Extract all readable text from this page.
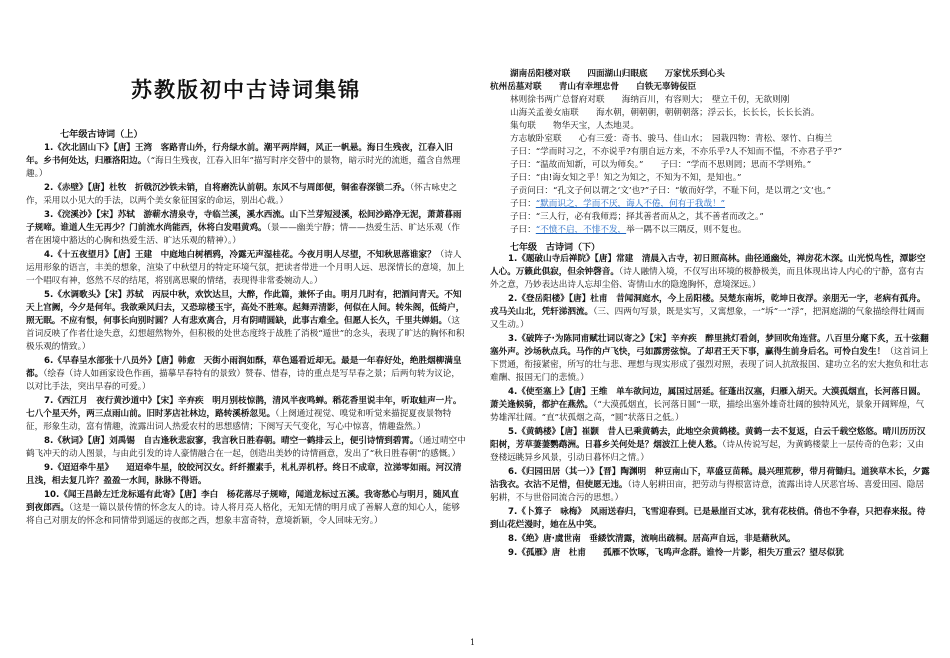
苏教版初中古诗词集锦
七年级古诗词（上）
1.《次北固山下》【唐】王湾　客路青山外，行舟绿水前。潮平两岸阔，风正一帆悬。海日生残夜，江春入旧年。乡书何处达，归雁洛阳边。（“海日生残夜，江春入旧年”描写时序交替中的景物，暗示时光的流逝，蕴含自然理趣。）
2.《赤壁》【唐】杜牧　折戟沉沙铁未销，自将磨洗认前朝。东风不与周郎便，铜雀春深锁二乔。（怀古咏史之作，采用以小见大的手法，以两个美女象征国家的命运，别出心裁。）
3.《浣溪沙》【宋】苏轼　游蕲水清泉寺，寺临兰溪，溪水西流。山下兰芽短浸溪，松间沙路净无泥，萧萧暮雨子规啼。谁道人生无再少？门前流水尚能西，休将白发唱黄鸡。（景——幽美宁静；情——热爱生活、旷达乐观（作者在困境中豁达的心胸和热爱生活、旷达乐观的精神）。）
4.《十五夜望月》【唐】王建　中庭地白树栖鸦，冷露无声湿桂花。今夜月明人尽望，不知秋思落谁家？（诗人运用形象的语言，丰美的想象，渲染了中秋望月的特定环境气氛，把读者带进一个月明人远、思深情长的意境，加上一个唱叹有神，悠然不尽的结尾，将别离思聚的情绪，表现得非常委婉动人。）
5.《水调歌头》【宋】苏轼　丙辰中秋，欢饮达旦，大醉，作此篇，兼怀子由。明月几时有，把酒问青天。不知天上宫阙，今夕是何年。我欲乘风归去，又恐琼楼玉宇，高处不胜寒。起舞弄清影，何似在人间。转朱阁，低绮户，照无眠。不应有恨，何事长向别时圆？人有悲欢离合，月有阴晴圆缺，此事古难全。但愿人长久，千里共婵娟。（这首词反映了作者仕途失意，幻想超然物外，但积极的处世态度终于战胜了消极“遁世”的念头，表现了旷达的胸怀和积极乐观的情致。）
6.《早春呈水部张十八员外》【唐】韩愈　天街小雨润如酥，草色遥看近却无。最是一年春好处，绝胜烟柳满皇都。（绘春（诗人如画家设色作画，描摹早春特有的景致）赞春、惜春，诗的重点是写早春之景；后两句转为议论，以对比手法，突出早春的可爱。）
7.《西江月　夜行黄沙道中》【宋】辛弃疾　明月别枝惊鹊，清风半夜鸣蝉。稻花香里说丰年，听取蛙声一片。七八个星天外，两三点雨山前。旧时茅店社林边，路转溪桥忽见。（上阕通过视觉、嗅觉和听觉来描捉夏夜景物特征，形象生动，富有情趣，流露出词人热爱农村的思想感情；下阕写天气变化，写心中惊喜，情趣盎然。）
8.《秋词》【唐】刘禹锡　自古逢秋悲寂寥，我言秋日胜春朝。晴空一鹤排云上，便引诗情到碧霄。（通过晴空中鹤飞冲天的动人图景，与由此引发的诗人豪情融合在一起，创造出美妙的诗情画意，发出了“秋日胜春朝”的感慨。）
9.《迢迢牵牛星》　　迢迢牵牛星，皎皎河汉女。纤纤擢素手，札札弄机杼。终日不成章，泣涕零如雨。河汉清且浅，相去复几许？盈盈一水间，脉脉不得语。
10.《闻王昌龄左迁龙标遥有此寄》【唐】李白　杨花落尽子规啼，闻道龙标过五溪。我寄愁心与明月，随风直到夜郎西。（这是一篇以景传情的怀念友人的诗。诗人将月亮人格化，无知无情的明月成了善解人意的知心人，能够将自己对朋友的怀念和同情带到遥远的夜郎之西，想象丰富奇特，意境新颖，令人回味无穷。）
湖南岳阳楼对联　　四面湖山归眼底　　万家忧乐到心头
杭州岳墓对联　　青山有幸埋忠骨　　白铁无辜铸佞臣
林则徐书两广总督府对联　　海纳百川，有容则大；　壁立千仞，无欲则刚
山海关孟姜女庙联　　海水朝，朝朝朝，朝朝朝落；浮云长，长长长，长长长消。
集句联　　物华天宝，人杰地灵。
方志敏卧室联　　心有三爱：奇书、骏马、佳山水；　园栽四物：青松、翠竹、白梅兰
子曰：“学而时习之，不亦说乎?有朋自远方来，不亦乐乎?人不知而不愠，不亦君子乎?”
子曰：“温故而知新，可以为师矣。”　　子曰：“学而不思则罔；思而不学则殆。”
子曰：“由!诲女知之乎！知之为知之，不知为不知，是知也。”
子贡问曰：“孔文子何以谓之‘文’也?”子曰：“敏而好学，不耻下问，是以谓之‘文’也。”
子曰：“默而识之，学而不厌，诲人不倦，何有于我哉！”
子曰：“三人行，必有我师焉；择其善者而从之，其不善者而改之。”
子曰：“不愤不启，不悱不发，举一隅不以三隅反，则不复也。
七年级　古诗词（下）
1.《题破山寺后禅院》【唐】常建　清晨入古寺，初日照高林。曲径通幽处，禅房花木深。山光悦鸟性，潭影空人心。万籁此俱寂，但余钟磬音。（诗人融情入境，不仅写出环境的极静极美，而且体现出诗人内心的宁静，富有古外之意，乃妙表达出诗人忘却尘俗、寄情山水的隐逸胸怀，意境深远。）
2.《登岳阳楼》【唐】杜甫　昔闻洞庭水，今上岳阳楼。吴楚东南坼，乾坤日夜浮。亲朋无一字，老病有孤舟。戎马关山北，凭轩涕泗流。（三、四两句写景，既是实写，又寓想象，一“坼”一“浮”，把洞庭湖的气象描绘得壮阔而又生动。）
3.《破阵子·为陈同甫赋壮词以寄之》【宋】辛弃疾　醉里挑灯看剑，梦回吹角连营。八百里分麾下炙，五十弦翻塞外声。沙场秋点兵。马作的卢飞快，弓如霹雳弦惊。了却君王天下事，赢得生前身后名。可怜白发生！（这首词上下贯通，衔接紧密，所写的壮与悲、理想与现实形成了强烈对照，表现了词人抗敌报国、建功立名的宏大抱负和壮志难酬、报国无门的悲愤。）
4.《使至塞上》【唐】王维　单车欲问边，属国过居延。征蓬出汉塞，归雁入胡天。大漠孤烟直，长河落日圆。萧关逢候骑，都护在燕然。（“大漠孤烟直，长河落日圆”一联，描绘出塞外雄奇壮阔的独特风光，景象开阔辉煌，气势雄浑壮阔。“直”状孤烟之高，“圆”状落日之低。）
5.《黄鹤楼》【唐】崔颢　昔人已乘黄鹤去，此地空余黄鹤楼。黄鹤一去不复返，白云千载空悠悠。晴川历历汉阳树，芳草萋萋鹦鹉洲。日暮乡关何处是？烟波江上使人愁。（诗从传说写起，为黄鹤楼蒙上一层传奇的色彩；又由登楼远眺异乡风景，引动日暮怀归之情。）
6.《归园田居（其一）》【晋】陶渊明　种豆南山下，草盛豆苗稀。晨兴理荒秽，带月荷锄归。道狭草木长，夕露沾我衣。衣沾不足惜，但使愿无违。（诗人躬耕田亩，把劳动与得根富诗意，流露出诗人厌恶官场、喜爱田园、隐居躬耕，不与世俗同流合污的思想。）
7.《卜算子　咏梅》　风雨送春归，飞雪迎春到。已是悬崖百丈冰，犹有花枝俏。俏也不争春，只把春来报。待到山花烂漫时，她在丛中笑。
8.《绝》唐·虞世南　垂緌饮清露，流响出疏桐。居高声自远，非是藉秋风。
9.《孤雁》唐　杜甫　　孤雁不饮啄，飞鸣声念群。谁怜一片影，相失万重云？望尽似犹
1
